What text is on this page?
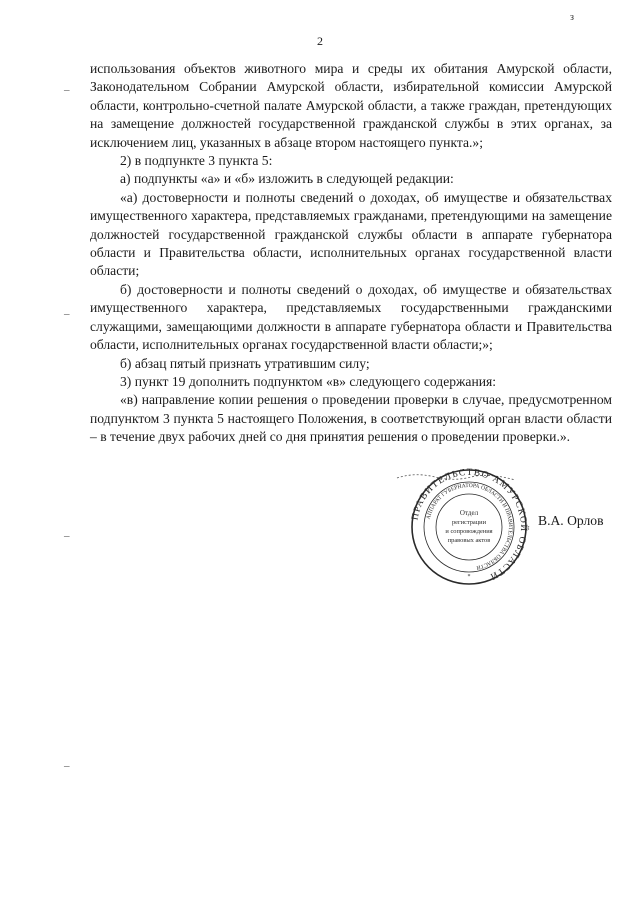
2
з
–
–
–
–

использования объектов животного мира и среды их обитания Амурской области, Законодательном Собрании Амурской области, избирательной комиссии Амурской области, контрольно-счетной палате Амурской области, а также граждан, претендующих на замещение должностей государственной гражданской службы в этих органах, за исключением лиц, указанных в абзаце втором настоящего пункта.»;

2) в подпункте 3 пункта 5:

а) подпункты «а» и «б» изложить в следующей редакции:

«а) достоверности и полноты сведений о доходах, об имуществе и обязательствах имущественного характера, представляемых гражданами, претендующими на замещение должностей государственной гражданской службы области в аппарате губернатора области и Правительства области, исполнительных органах государственной власти области;

б) достоверности и полноты сведений о доходах, об имуществе и обязательствах имущественного характера, представляемых государственными гражданскими служащими, замещающими должности в аппарате губернатора области и Правительства области, исполнительных органах государственной власти области;»;

б) абзац пятый признать утратившим силу;

3) пункт 19 дополнить подпунктом «в» следующего содержания:

«в) направление копии решения о проведении проверки в случае, предусмотренном подпунктом 3 пункта 5 настоящего Положения, в соответствующий орган власти области – в течение двух рабочих дней со дня принятия решения о проведении проверки.».

ПРАВИТЕЛЬСТВО АМУРСКОЙ ОБЛАСТИ
АППАРАТ ГУБЕРНАТОРА ОБЛАСТИ И ПРАВИТЕЛЬСТВА ОБЛАСТИ
Отдел
регистрации
и сопровождения
правовых актов
*
В.А. Орлов
